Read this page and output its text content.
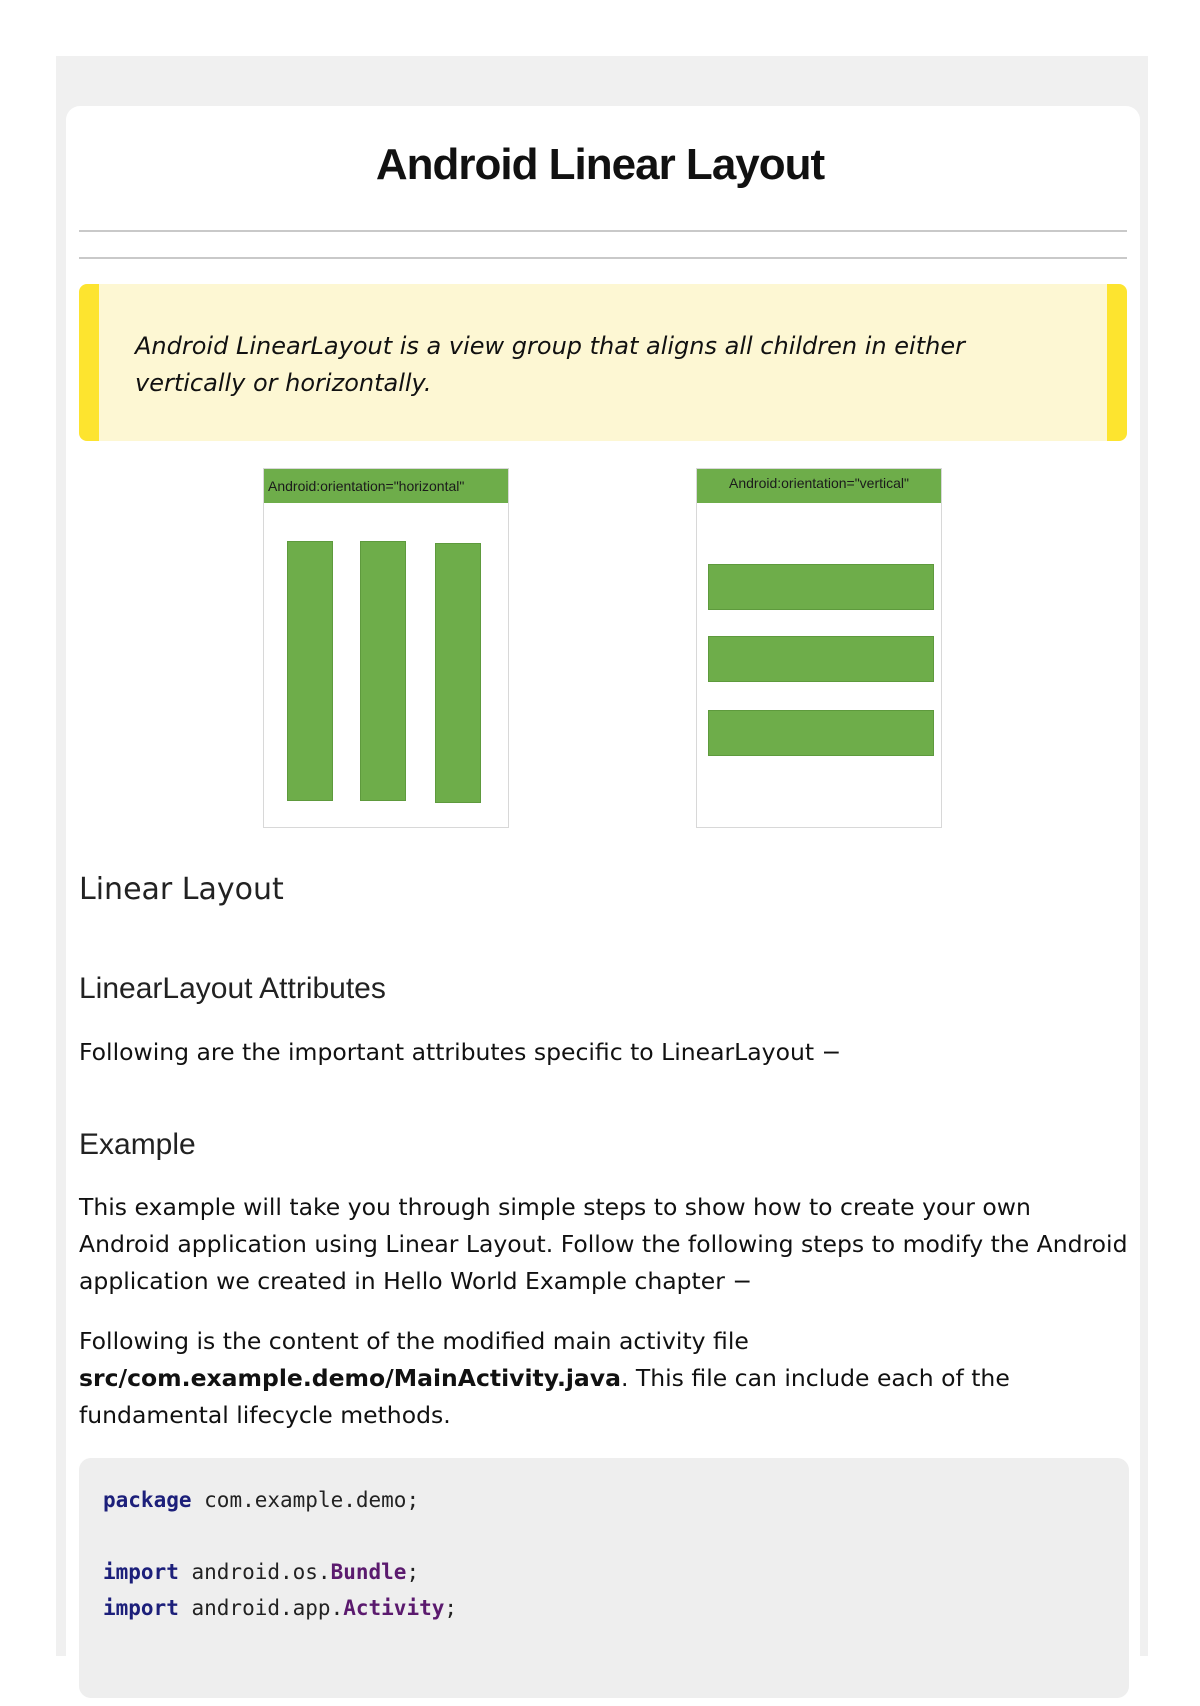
Android Linear Layout

Android LinearLayout is a view group that aligns all children in either vertically or horizontally.

Android:orientation="horizontal"	Android:orientation="vertical"
Linear Layout
LinearLayout Attributes

Following are the important attributes specific to LinearLayout −

Example

This example will take you through simple steps to show how to create your own Android application using Linear Layout. Follow the following steps to modify the Android application we created in Hello World Example chapter −

Following is the content of the modified main activity file src/com.example.demo/MainActivity.java. This file can include each of the fundamental lifecycle methods.

package com.example.demo;

import android.os.Bundle;
import android.app.Activity;
